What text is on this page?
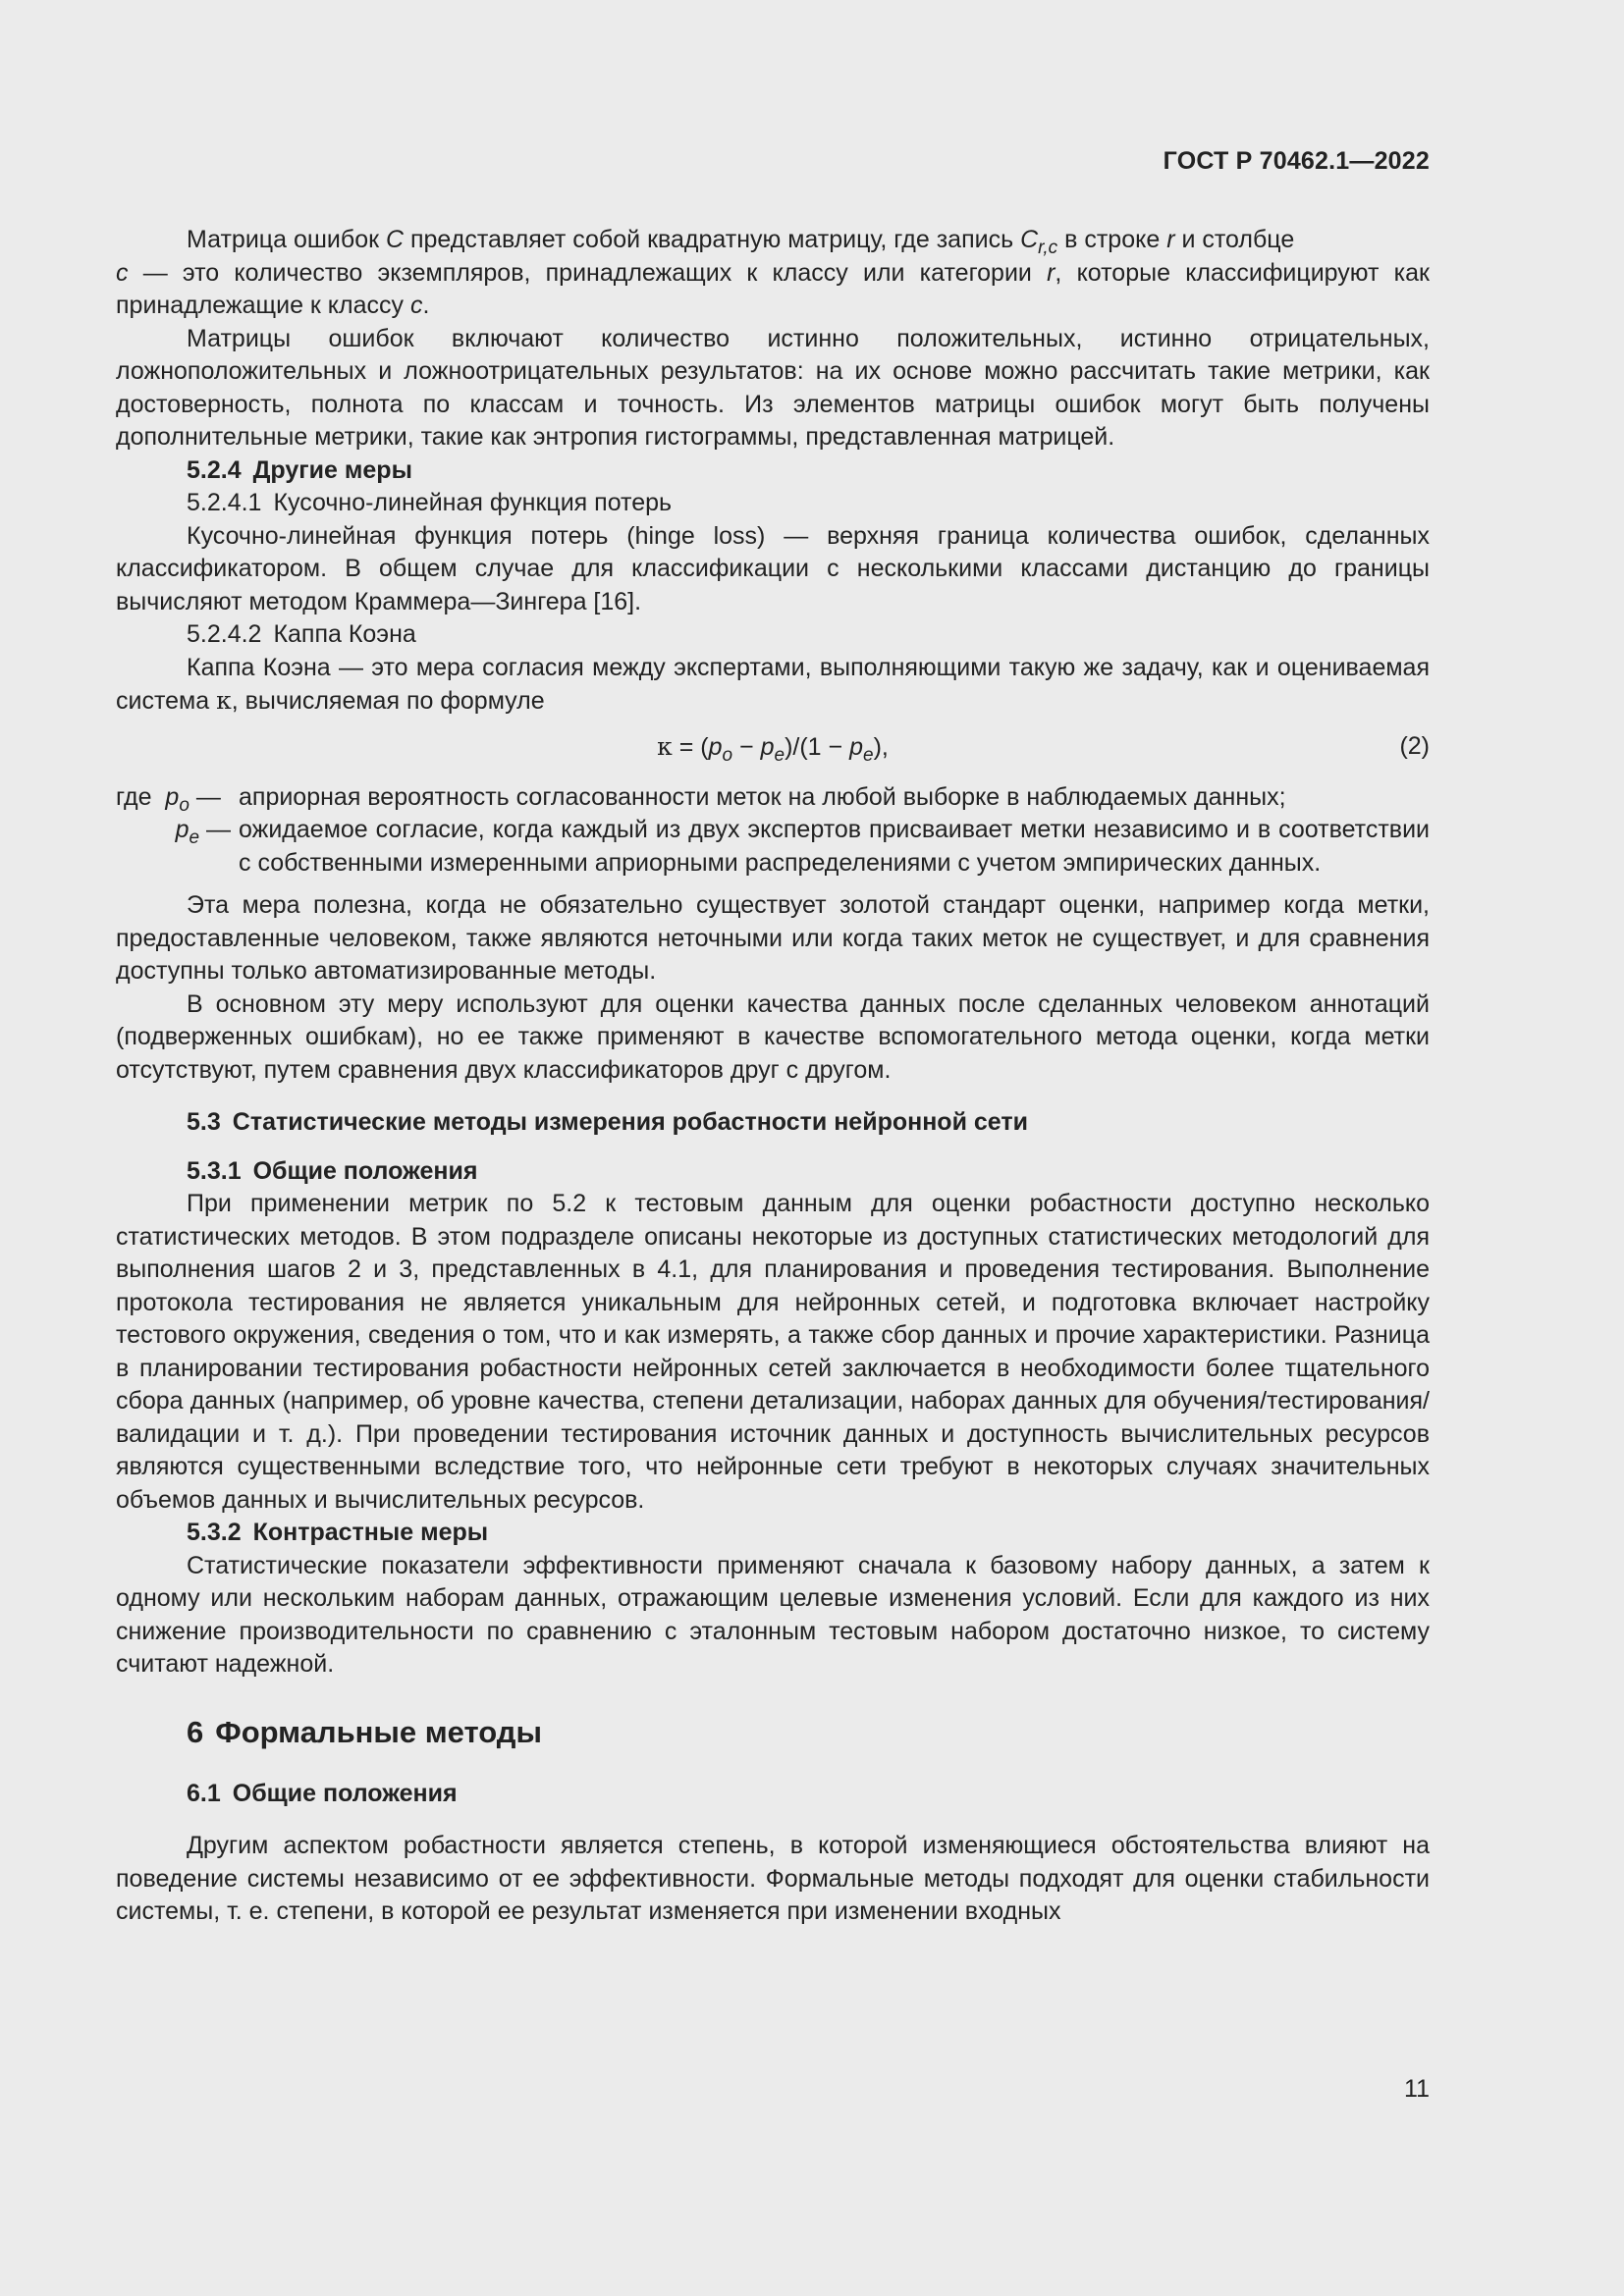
ГОСТ Р 70462.1—2022

Матрица ошибок C представляет собой квадратную матрицу, где запись $C_{r,c}$ в строке r и столбце
c — это количество экземпляров, принадлежащих к классу или категории r, которые классифицируют как принадлежащие к классу c.

Матрицы ошибок включают количество истинно положительных, истинно отрицательных, ложноположительных и ложноотрицательных результатов: на их основе можно рассчитать такие метрики, как достоверность, полнота по классам и точность. Из элементов матрицы ошибок могут быть получены дополнительные метрики, такие как энтропия гистограммы, представленная матрицей.

5.2.4 Другие меры
5.2.4.1 Кусочно-линейная функция потерь

Кусочно-линейная функция потерь (hinge loss) — верхняя граница количества ошибок, сделанных классификатором. В общем случае для классификации с несколькими классами дистанцию до границы вычисляют методом Краммера—Зингера [16].

5.2.4.2 Каппа Коэна

Каппа Коэна — это мера согласия между экспертами, выполняющими такую же задачу, как и оцениваемая система κ, вычисляемая по формуле

$\kappa = (p_o - p_e)/(1 - p_e)$,	(2)
где $p_o$ — априорная вероятность согласованности меток на любой выборке в наблюдаемых данных;
$p_e$ — ожидаемое согласие, когда каждый из двух экспертов присваивает метки независимо и в соответствии с собственными измеренными априорными распределениями с учетом эмпирических данных.

Эта мера полезна, когда не обязательно существует золотой стандарт оценки, например когда метки, предоставленные человеком, также являются неточными или когда таких меток не существует, и для сравнения доступны только автоматизированные методы.

В основном эту меру используют для оценки качества данных после сделанных человеком аннотаций (подверженных ошибкам), но ее также применяют в качестве вспомогательного метода оценки, когда метки отсутствуют, путем сравнения двух классификаторов друг с другом.

5.3 Статистические методы измерения робастности нейронной сети
5.3.1 Общие положения

При применении метрик по 5.2 к тестовым данным для оценки робастности доступно несколько статистических методов. В этом подразделе описаны некоторые из доступных статистических методологий для выполнения шагов 2 и 3, представленных в 4.1, для планирования и проведения тестирования. Выполнение протокола тестирования не является уникальным для нейронных сетей, и подготовка включает настройку тестового окружения, сведения о том, что и как измерять, а также сбор данных и прочие характеристики. Разница в планировании тестирования робастности нейронных сетей заключается в необходимости более тщательного сбора данных (например, об уровне качества, степени детализации, наборах данных для обучения/тестирования/валидации и т. д.). При проведении тестирования источник данных и доступность вычислительных ресурсов являются существенными вследствие того, что нейронные сети требуют в некоторых случаях значительных объемов данных и вычислительных ресурсов.

5.3.2 Контрастные меры

Статистические показатели эффективности применяют сначала к базовому набору данных, а затем к одному или нескольким наборам данных, отражающим целевые изменения условий. Если для каждого из них снижение производительности по сравнению с эталонным тестовым набором достаточно низкое, то систему считают надежной.

6 Формальные методы
6.1 Общие положения

Другим аспектом робастности является степень, в которой изменяющиеся обстоятельства влияют на поведение системы независимо от ее эффективности. Формальные методы подходят для оценки стабильности системы, т. е. степени, в которой ее результат изменяется при изменении входных

11
